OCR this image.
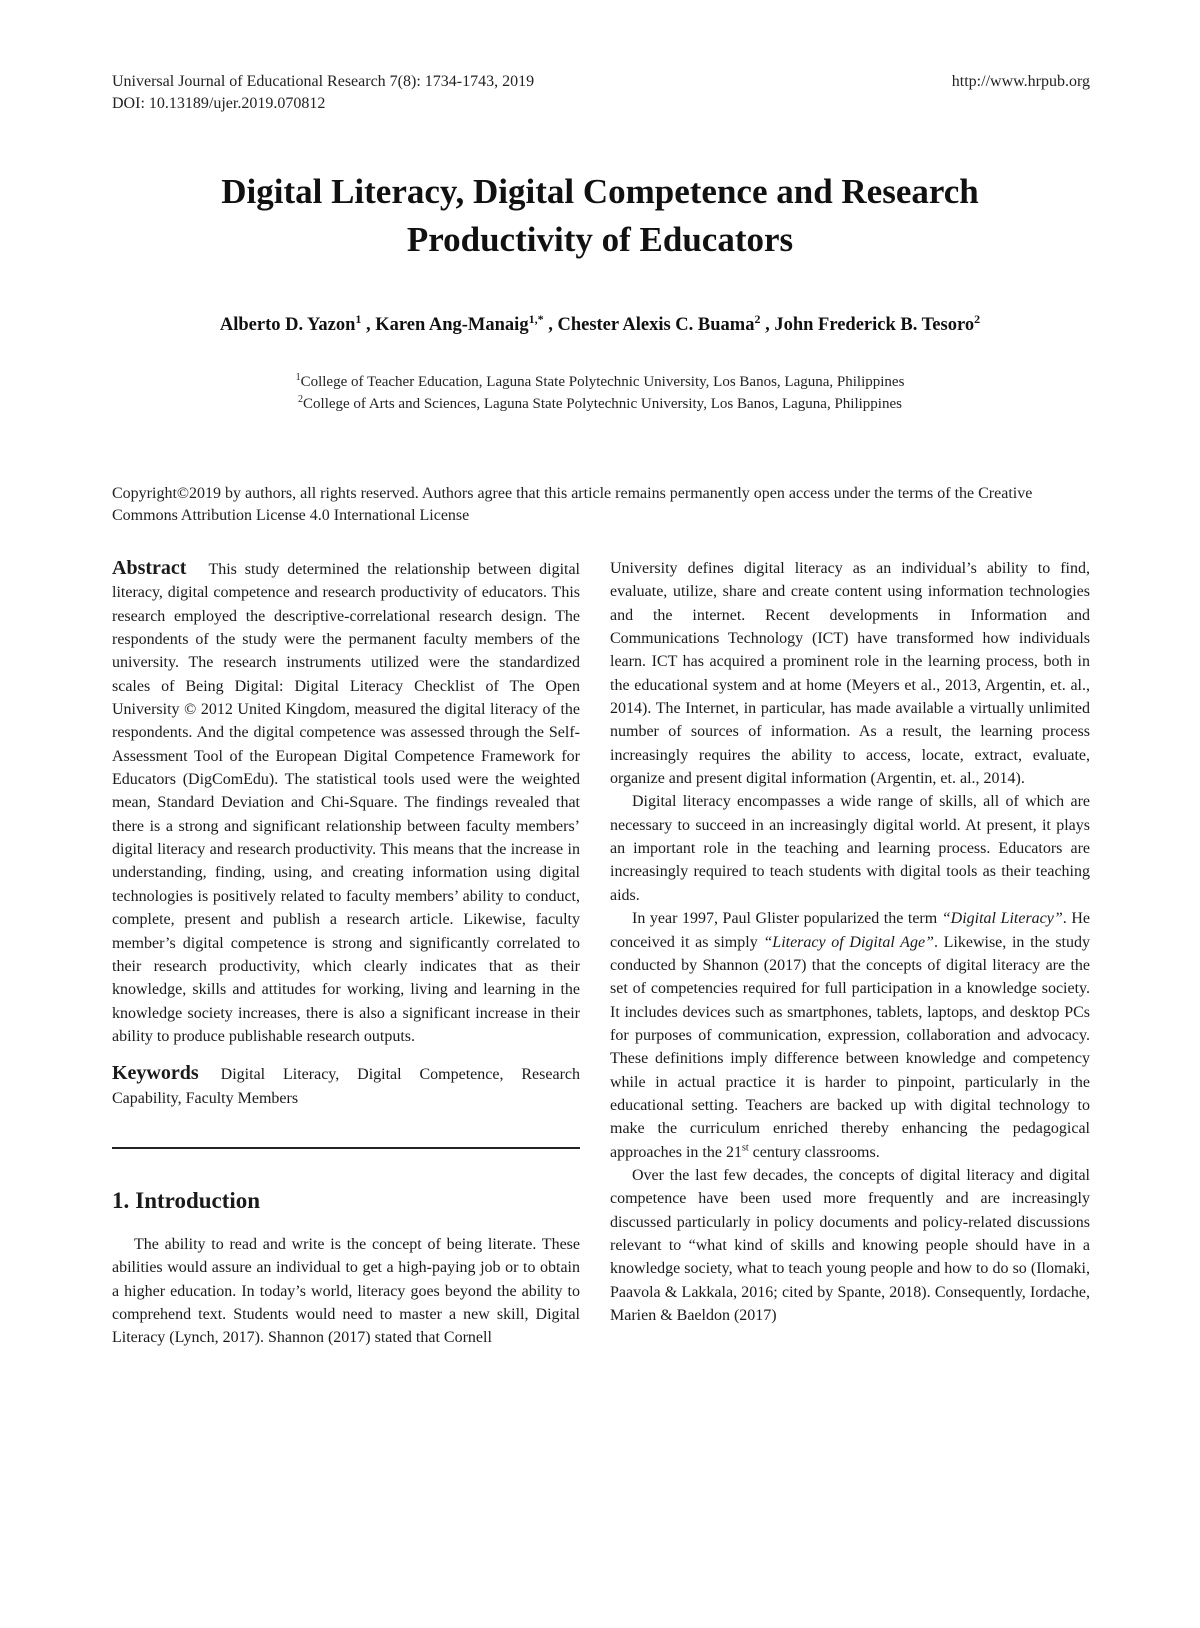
Universal Journal of Educational Research 7(8): 1734-1743, 2019
DOI: 10.13189/ujer.2019.070812
http://www.hrpub.org
Digital Literacy, Digital Competence and Research
Productivity of Educators
Alberto D. Yazon$^1$ , Karen Ang-Manaig$^{1,*}$ , Chester Alexis C. Buama$^2$ , John Frederick B. Tesoro$^2$
$^1$College of Teacher Education, Laguna State Polytechnic University, Los Banos, Laguna, Philippines
$^2$College of Arts and Sciences, Laguna State Polytechnic University, Los Banos, Laguna, Philippines
Copyright©2019 by authors, all rights reserved. Authors agree that this article remains permanently open access under the terms of the Creative Commons Attribution License 4.0 International License

Abstract This study determined the relationship between digital literacy, digital competence and research productivity of educators. This research employed the descriptive-correlational research design. The respondents of the study were the permanent faculty members of the university. The research instruments utilized were the standardized scales of Being Digital: Digital Literacy Checklist of The Open University © 2012 United Kingdom, measured the digital literacy of the respondents. And the digital competence was assessed through the Self-Assessment Tool of the European Digital Competence Framework for Educators (DigComEdu). The statistical tools used were the weighted mean, Standard Deviation and Chi-Square. The findings revealed that there is a strong and significant relationship between faculty members’ digital literacy and research productivity. This means that the increase in understanding, finding, using, and creating information using digital technologies is positively related to faculty members’ ability to conduct, complete, present and publish a research article. Likewise, faculty member’s digital competence is strong and significantly correlated to their research productivity, which clearly indicates that as their knowledge, skills and attitudes for working, living and learning in the knowledge society increases, there is also a significant increase in their ability to produce publishable research outputs.

Keywords Digital Literacy, Digital Competence, Research Capability, Faculty Members

1. Introduction

The ability to read and write is the concept of being literate. These abilities would assure an individual to get a high-paying job or to obtain a higher education. In today’s world, literacy goes beyond the ability to comprehend text. Students would need to master a new skill, Digital Literacy (Lynch, 2017). Shannon (2017) stated that Cornell

University defines digital literacy as an individual’s ability to find, evaluate, utilize, share and create content using information technologies and the internet. Recent developments in Information and Communications Technology (ICT) have transformed how individuals learn. ICT has acquired a prominent role in the learning process, both in the educational system and at home (Meyers et al., 2013, Argentin, et. al., 2014). The Internet, in particular, has made available a virtually unlimited number of sources of information. As a result, the learning process increasingly requires the ability to access, locate, extract, evaluate, organize and present digital information (Argentin, et. al., 2014).

Digital literacy encompasses a wide range of skills, all of which are necessary to succeed in an increasingly digital world. At present, it plays an important role in the teaching and learning process. Educators are increasingly required to teach students with digital tools as their teaching aids.

In year 1997, Paul Glister popularized the term “Digital Literacy”. He conceived it as simply “Literacy of Digital Age”. Likewise, in the study conducted by Shannon (2017) that the concepts of digital literacy are the set of competencies required for full participation in a knowledge society. It includes devices such as smartphones, tablets, laptops, and desktop PCs for purposes of communication, expression, collaboration and advocacy. These definitions imply difference between knowledge and competency while in actual practice it is harder to pinpoint, particularly in the educational setting. Teachers are backed up with digital technology to make the curriculum enriched thereby enhancing the pedagogical approaches in the 21st century classrooms.

Over the last few decades, the concepts of digital literacy and digital competence have been used more frequently and are increasingly discussed particularly in policy documents and policy-related discussions relevant to “what kind of skills and knowing people should have in a knowledge society, what to teach young people and how to do so (Ilomaki, Paavola & Lakkala, 2016; cited by Spante, 2018). Consequently, Iordache, Marien & Baeldon (2017)
